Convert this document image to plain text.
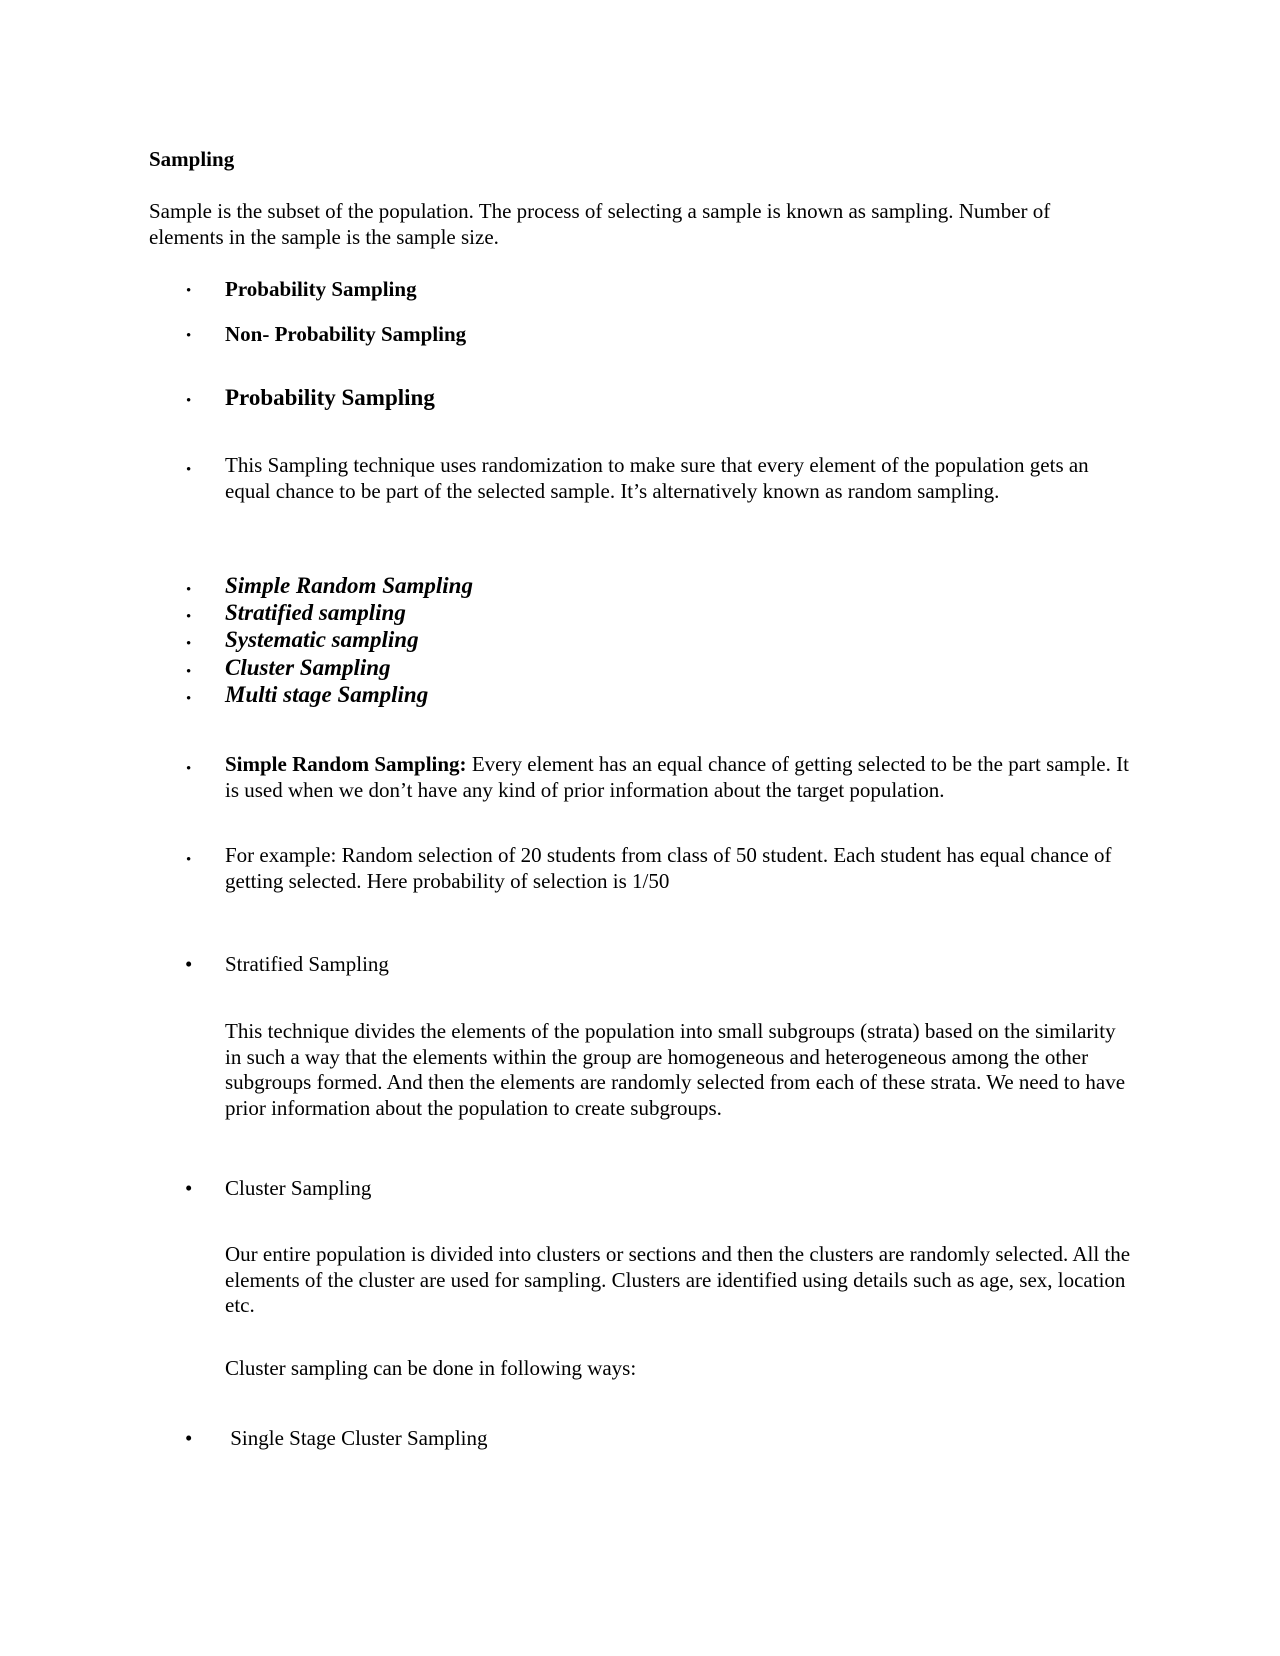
Sampling

Sample is the subset of the population. The process of selecting a sample is known as sampling. Number of elements in the sample is the sample size.

• Probability Sampling

• Non- Probability Sampling

• Probability Sampling

• This Sampling technique uses randomization to make sure that every element of the population gets an equal chance to be part of the selected sample. It’s alternatively known as random sampling.

• Simple Random Sampling

• Stratified sampling

• Systematic sampling

• Cluster Sampling

• Multi stage Sampling

• Simple Random Sampling: Every element has an equal chance of getting selected to be the part sample. It is used when we don’t have any kind of prior information about the target population.

• For example: Random selection of 20 students from class of 50 student. Each student has equal chance of getting selected. Here probability of selection is 1/50

• Stratified Sampling

This technique divides the elements of the population into small subgroups (strata) based on the similarity in such a way that the elements within the group are homogeneous and heterogeneous among the other subgroups formed. And then the elements are randomly selected from each of these strata. We need to have prior information about the population to create subgroups.

• Cluster Sampling

Our entire population is divided into clusters or sections and then the clusters are randomly selected. All the elements of the cluster are used for sampling. Clusters are identified using details such as age, sex, location etc.

Cluster sampling can be done in following ways:

• Single Stage Cluster Sampling
